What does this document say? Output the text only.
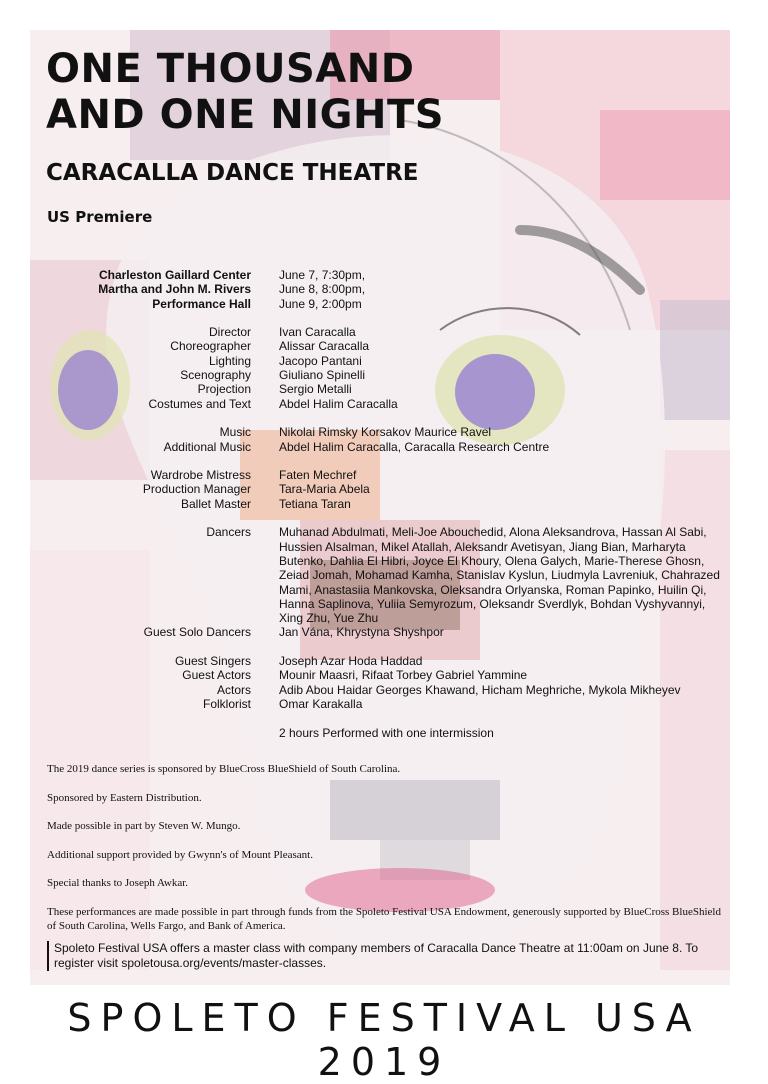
ONE THOUSAND
AND ONE NIGHTS
CARACALLA DANCE THEATRE
US Premiere
Charleston Gaillard Center
Martha and John M. Rivers
Performance Hall
June 7, 7:30pm,
June 8, 8:00pm,
June 9, 2:00pm
Director Ivan Caracalla
Choreographer Alissar Caracalla
Lighting Jacopo Pantani
Scenography Giuliano Spinelli
Projection Sergio Metalli
Costumes and Text Abdel Halim Caracalla
Music Nikolai Rimsky Korsakov Maurice Ravel
Additional Music Abdel Halim Caracalla, Caracalla Research Centre
Wardrobe Mistress Faten Mechref
Production Manager Tara-Maria Abela
Ballet Master Tetiana Taran
Dancers Muhanad Abdulmati, Meli-Joe Abouchedid, Alona Aleksandrova, Hassan Al Sabi, Hussien Alsalman, Mikel Atallah, Aleksandr Avetisyan, Jiang Bian, Marharyta Butenko, Dahlia El Hibri, Joyce El Khoury, Olena Galych, Marie-Therese Ghosn, Zeiad Jomah, Mohamad Kamha, Stanislav Kyslun, Liudmyla Lavreniuk, Chahrazed Mami, Anastasiia Mankovska, Oleksandra Orlyanska, Roman Papinko, Huilin Qi, Hanna Saplinova, Yuliia Semyrozum, Oleksandr Sverdlyk, Bohdan Vyshyvannyi, Xing Zhu, Yue Zhu
Guest Solo Dancers Jan Vána, Khrystyna Shyshpor
Guest Singers Joseph Azar Hoda Haddad
Guest Actors Mounir Maasri, Rifaat Torbey Gabriel Yammine
Actors Adib Abou Haidar Georges Khawand, Hicham Meghriche, Mykola Mikheyev
Folklorist Omar Karakalla
2 hours Performed with one intermission

The 2019 dance series is sponsored by BlueCross BlueShield of South Carolina.

Sponsored by Eastern Distribution.

Made possible in part by Steven W. Mungo.

Additional support provided by Gwynn's of Mount Pleasant.

Special thanks to Joseph Awkar.

These performances are made possible in part through funds from the Spoleto Festival USA Endowment, generously supported by BlueCross BlueShield of South Carolina, Wells Fargo, and Bank of America.

Spoleto Festival USA offers a master class with company members of Caracalla Dance Theatre at 11:00am on June 8. To register visit spoletousa.org/events/master-classes.
SPOLETO FESTIVAL USA 2019
